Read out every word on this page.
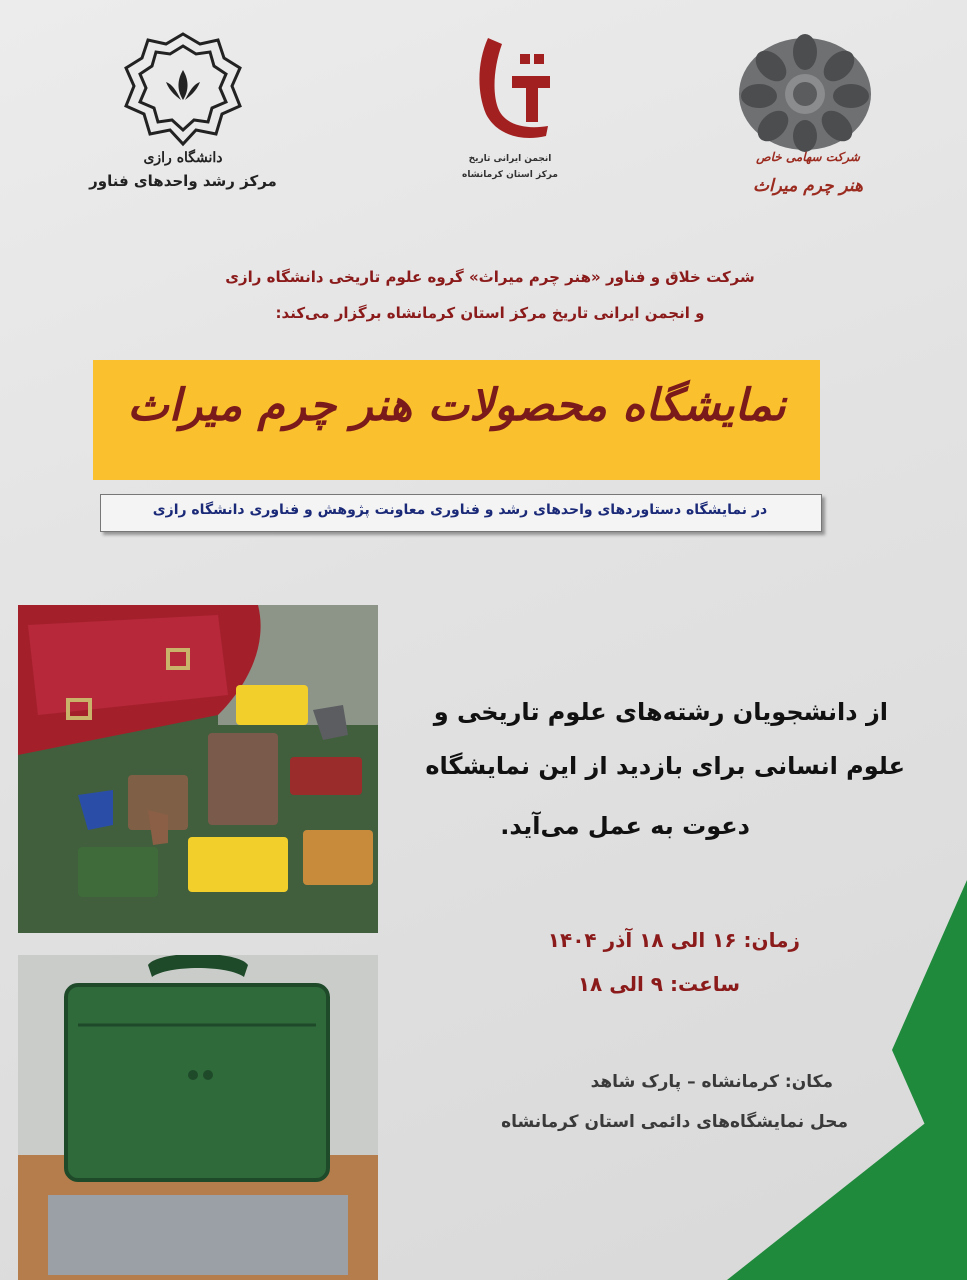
دانشگاه رازی
مرکز رشد واحدهای فناور
انجمن ایرانی تاریخ
مرکز استان کرمانشاه
شرکت سهامی خاص
هنر چرم میراث
شرکت خلاق و فناور «هنر چرم میراث» گروه علوم تاریخی دانشگاه رازی
و انجمن ایرانی تاریخ مرکز استان کرمانشاه برگزار می‌کند:
نمایشگاه محصولات هنر چرم میراث
در نمایشگاه دستاوردهای واحدهای رشد و فناوری معاونت پژوهش و فناوری دانشگاه رازی
از دانشجویان رشته‌های علوم تاریخی و
علوم انسانی برای بازدید از این نمایشگاه
دعوت به عمل می‌آید.
زمان: ۱۶ الی ۱۸ آذر ۱۴۰۴
ساعت: ۹ الی ۱۸
مکان: کرمانشاه – پارک شاهد
محل نمایشگاه‌های دائمی استان کرمانشاه
